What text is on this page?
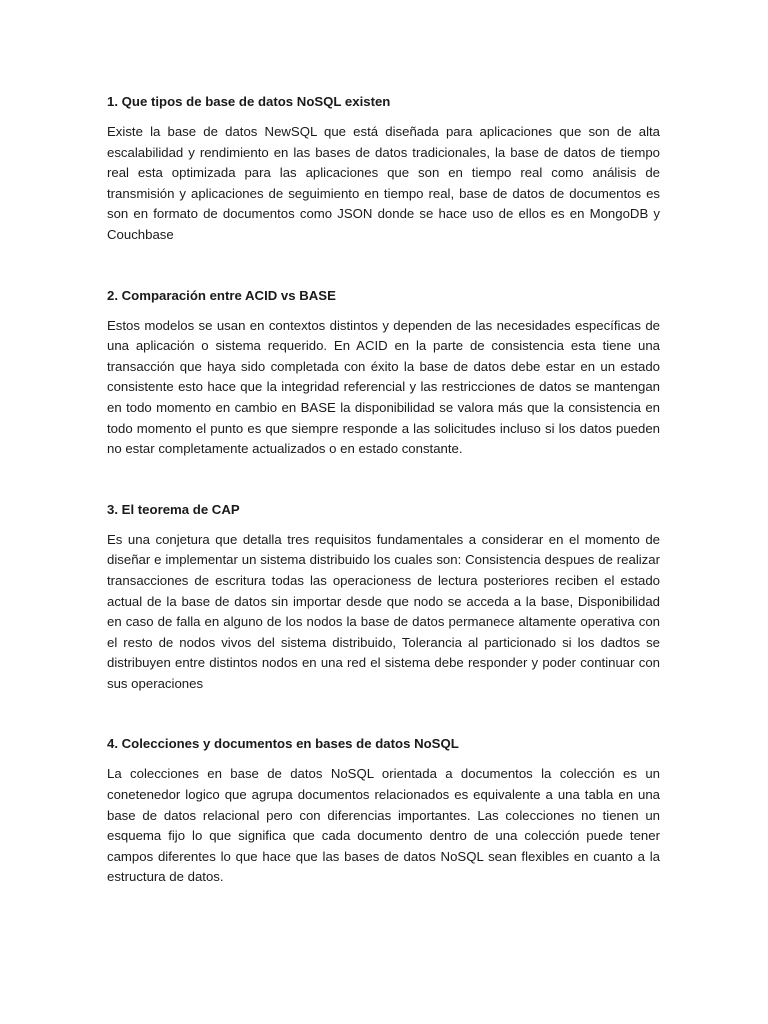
1. Que tipos de base de datos NoSQL existen

Existe la base de datos NewSQL que está diseñada para aplicaciones que son de alta escalabilidad y rendimiento en las bases de datos tradicionales, la base de datos de tiempo real esta optimizada para las aplicaciones que son en tiempo real como análisis de transmisión y aplicaciones de seguimiento en tiempo real, base de datos de documentos es son en formato de documentos como JSON donde se hace uso de ellos es en MongoDB y Couchbase

2. Comparación entre ACID vs BASE

Estos modelos se usan en contextos distintos y dependen de las necesidades específicas de una aplicación o sistema requerido. En ACID en la parte de consistencia esta tiene una transacción que haya sido completada con éxito la base de datos debe estar en un estado consistente esto hace que la integridad referencial y las restricciones de datos se mantengan en todo momento en cambio en BASE la disponibilidad se valora más que la consistencia en todo momento el punto es que siempre responde a las solicitudes incluso si los datos pueden no estar completamente actualizados o en estado constante.

3. El teorema de CAP

Es una conjetura que detalla tres requisitos fundamentales a considerar en el momento de diseñar e implementar un sistema distribuido los cuales son: Consistencia despues de realizar transacciones de escritura todas las operacioness de lectura posteriores reciben el estado actual de la base de datos sin importar desde que nodo se acceda a la base, Disponibilidad en caso de falla en alguno de los nodos la base de datos permanece altamente operativa con el resto de nodos vivos del sistema distribuido, Tolerancia al particionado si los dadtos se distribuyen entre distintos nodos en una red el sistema debe responder y poder continuar con sus operaciones

4. Colecciones y documentos en bases de datos NoSQL

La colecciones en base de datos NoSQL orientada a documentos la colección es un conetenedor logico que agrupa documentos relacionados es equivalente a una tabla en una base de datos relacional pero con diferencias importantes. Las colecciones no tienen un esquema fijo lo que significa que cada documento dentro de una colección puede tener campos diferentes lo que hace que las bases de datos NoSQL sean flexibles en cuanto a la estructura de datos.
